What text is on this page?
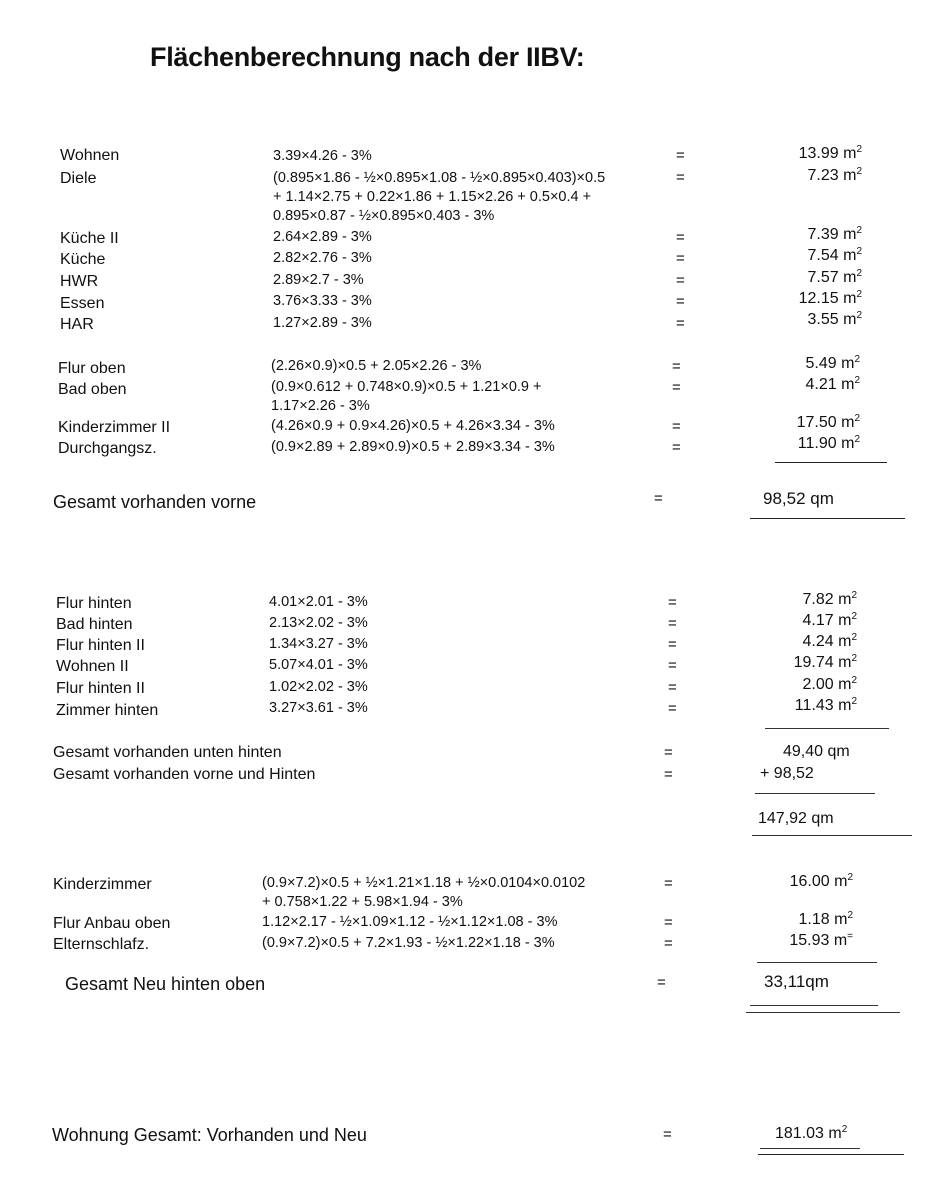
Flächenberechnung nach der IIBV:
Wohnen	3.39×4.26 - 3%	=	13.99 $m^2$
Diele	(0.895×1.86 - ½×0.895×1.08 - ½×0.895×0.403)×0.5
+ 1.14×2.75 + 0.22×1.86 + 1.15×2.26 + 0.5×0.4 +
0.895×0.87 - ½×0.895×0.403 - 3%
=	7.23 $m^2$
Küche II	2.64×2.89 - 3%	=	7.39 $m^2$
Küche	2.82×2.76 - 3%	=	7.54 $m^2$
HWR	2.89×2.7 - 3%	=	7.57 $m^2$
Essen	3.76×3.33 - 3%	=	12.15 $m^2$
HAR	1.27×2.89 - 3%	=	3.55 $m^2$
Flur oben	(2.26×0.9)×0.5 + 2.05×2.26 - 3%	=	5.49 $m^2$
Bad oben	(0.9×0.612 + 0.748×0.9)×0.5 + 1.21×0.9 +
1.17×2.26 - 3%
=	4.21 $m^2$
Kinderzimmer II	(4.26×0.9 + 0.9×4.26)×0.5 + 4.26×3.34 - 3%	=	17.50 $m^2$
Durchgangsz.	(0.9×2.89 + 2.89×0.9)×0.5 + 2.89×3.34 - 3%	=	11.90 $m^2$
Gesamt vorhanden vorne	=	98,52 qm
Flur hinten	4.01×2.01 - 3%	=	7.82 $m^2$
Bad hinten	2.13×2.02 - 3%	=	4.17 $m^2$
Flur hinten II	1.34×3.27 - 3%	=	4.24 $m^2$
Wohnen II	5.07×4.01 - 3%	=	19.74 $m^2$
Flur hinten II	1.02×2.02 - 3%	=	2.00 $m^2$
Zimmer hinten	3.27×3.61 - 3%	=	11.43 $m^2$
Gesamt vorhanden unten hinten	=	49,40 qm
Gesamt vorhanden vorne und Hinten	=	+ 98,52
147,92 qm
Kinderzimmer	(0.9×7.2)×0.5 + ½×1.21×1.18 + ½×0.0104×0.0102
+ 0.758×1.22 + 5.98×1.94 - 3%
=	16.00 $m^2$
Flur Anbau oben	1.12×2.17 - ½×1.09×1.12 - ½×1.12×1.08 - 3%	=	1.18 $m^2$
Elternschlafz.	(0.9×7.2)×0.5 + 7.2×1.93 - ½×1.22×1.18 - 3%	=	15.93 m=
Gesamt Neu hinten oben	=	33,11qm
Wohnung Gesamt: Vorhanden und Neu	=	181.03 $m^2$
